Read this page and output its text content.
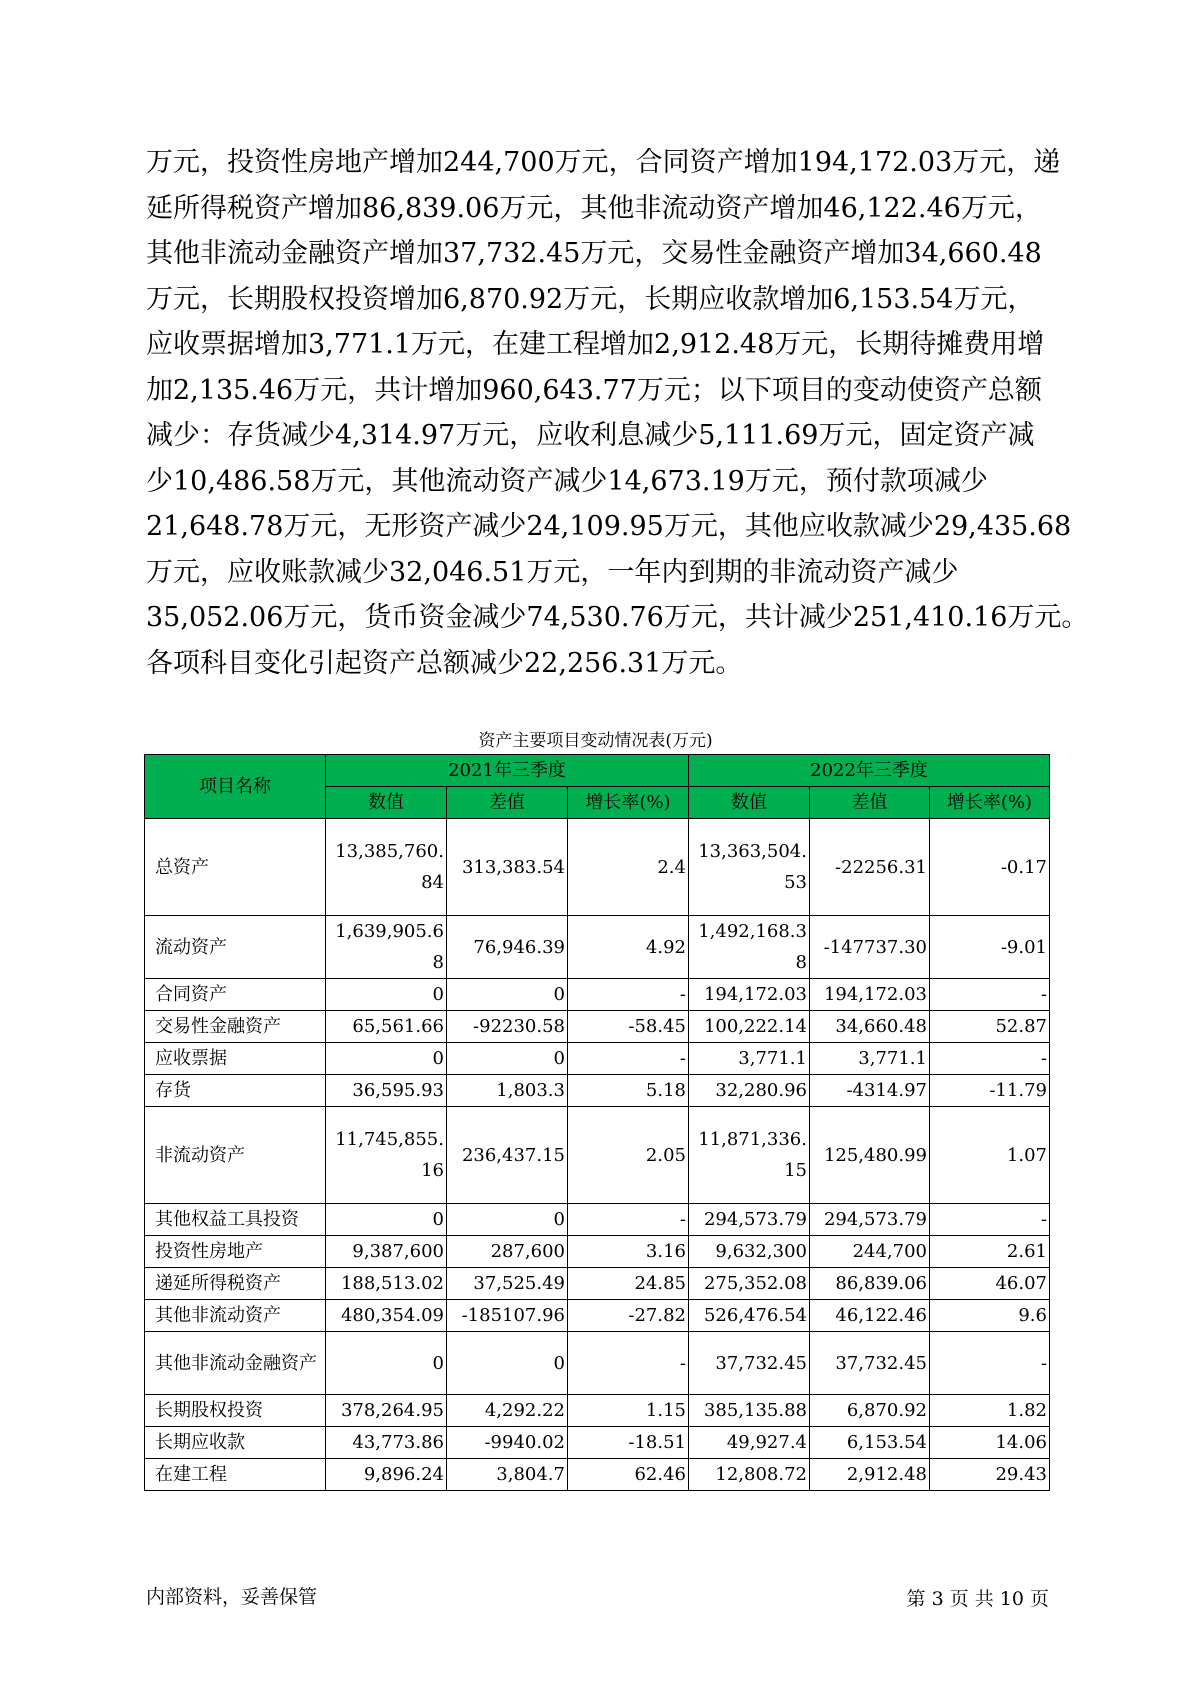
万元，投资性房地产增加244,700万元，合同资产增加194,172.03万元，递
延所得税资产增加86,839.06万元，其他非流动资产增加46,122.46万元，
其他非流动金融资产增加37,732.45万元，交易性金融资产增加34,660.48
万元，长期股权投资增加6,870.92万元，长期应收款增加6,153.54万元，
应收票据增加3,771.1万元，在建工程增加2,912.48万元，长期待摊费用增
加2,135.46万元，共计增加960,643.77万元；以下项目的变动使资产总额
减少：存货减少4,314.97万元，应收利息减少5,111.69万元，固定资产减
少10,486.58万元，其他流动资产减少14,673.19万元，预付款项减少
21,648.78万元，无形资产减少24,109.95万元，其他应收款减少29,435.68
万元，应收账款减少32,046.51万元，一年内到期的非流动资产减少
35,052.06万元，货币资金减少74,530.76万元，共计减少251,410.16万元。
各项科目变化引起资产总额减少22,256.31万元。
资产主要项目变动情况表(万元)
项目名称	2021年三季度			2022年三季度		
	数值	差值	增长率(%)	数值	差值	增长率(%)
总资产	13,385,760.84	313,383.54	2.4	13,363,504.53	-22256.31	-0.17
流动资产	1,639,905.68	76,946.39	4.92	1,492,168.38	-147737.30	-9.01
合同资产	0	0	-	194,172.03	194,172.03	-
交易性金融资产	65,561.66	-92230.58	-58.45	100,222.14	34,660.48	52.87
应收票据	0	0	-	3,771.1	3,771.1	-
存货	36,595.93	1,803.3	5.18	32,280.96	-4314.97	-11.79
非流动资产	11,745,855.16	236,437.15	2.05	11,871,336.15	125,480.99	1.07
其他权益工具投资	0	0	-	294,573.79	294,573.79	-
投资性房地产	9,387,600	287,600	3.16	9,632,300	244,700	2.61
递延所得税资产	188,513.02	37,525.49	24.85	275,352.08	86,839.06	46.07
其他非流动资产	480,354.09	-185107.96	-27.82	526,476.54	46,122.46	9.6
其他非流动金融资产	0	0	-	37,732.45	37,732.45	-
长期股权投资	378,264.95	4,292.22	1.15	385,135.88	6,870.92	1.82
长期应收款	43,773.86	-9940.02	-18.51	49,927.4	6,153.54	14.06
在建工程	9,896.24	3,804.7	62.46	12,808.72	2,912.48	29.43
内部资料，妥善保管	第 3 页 共 10 页
